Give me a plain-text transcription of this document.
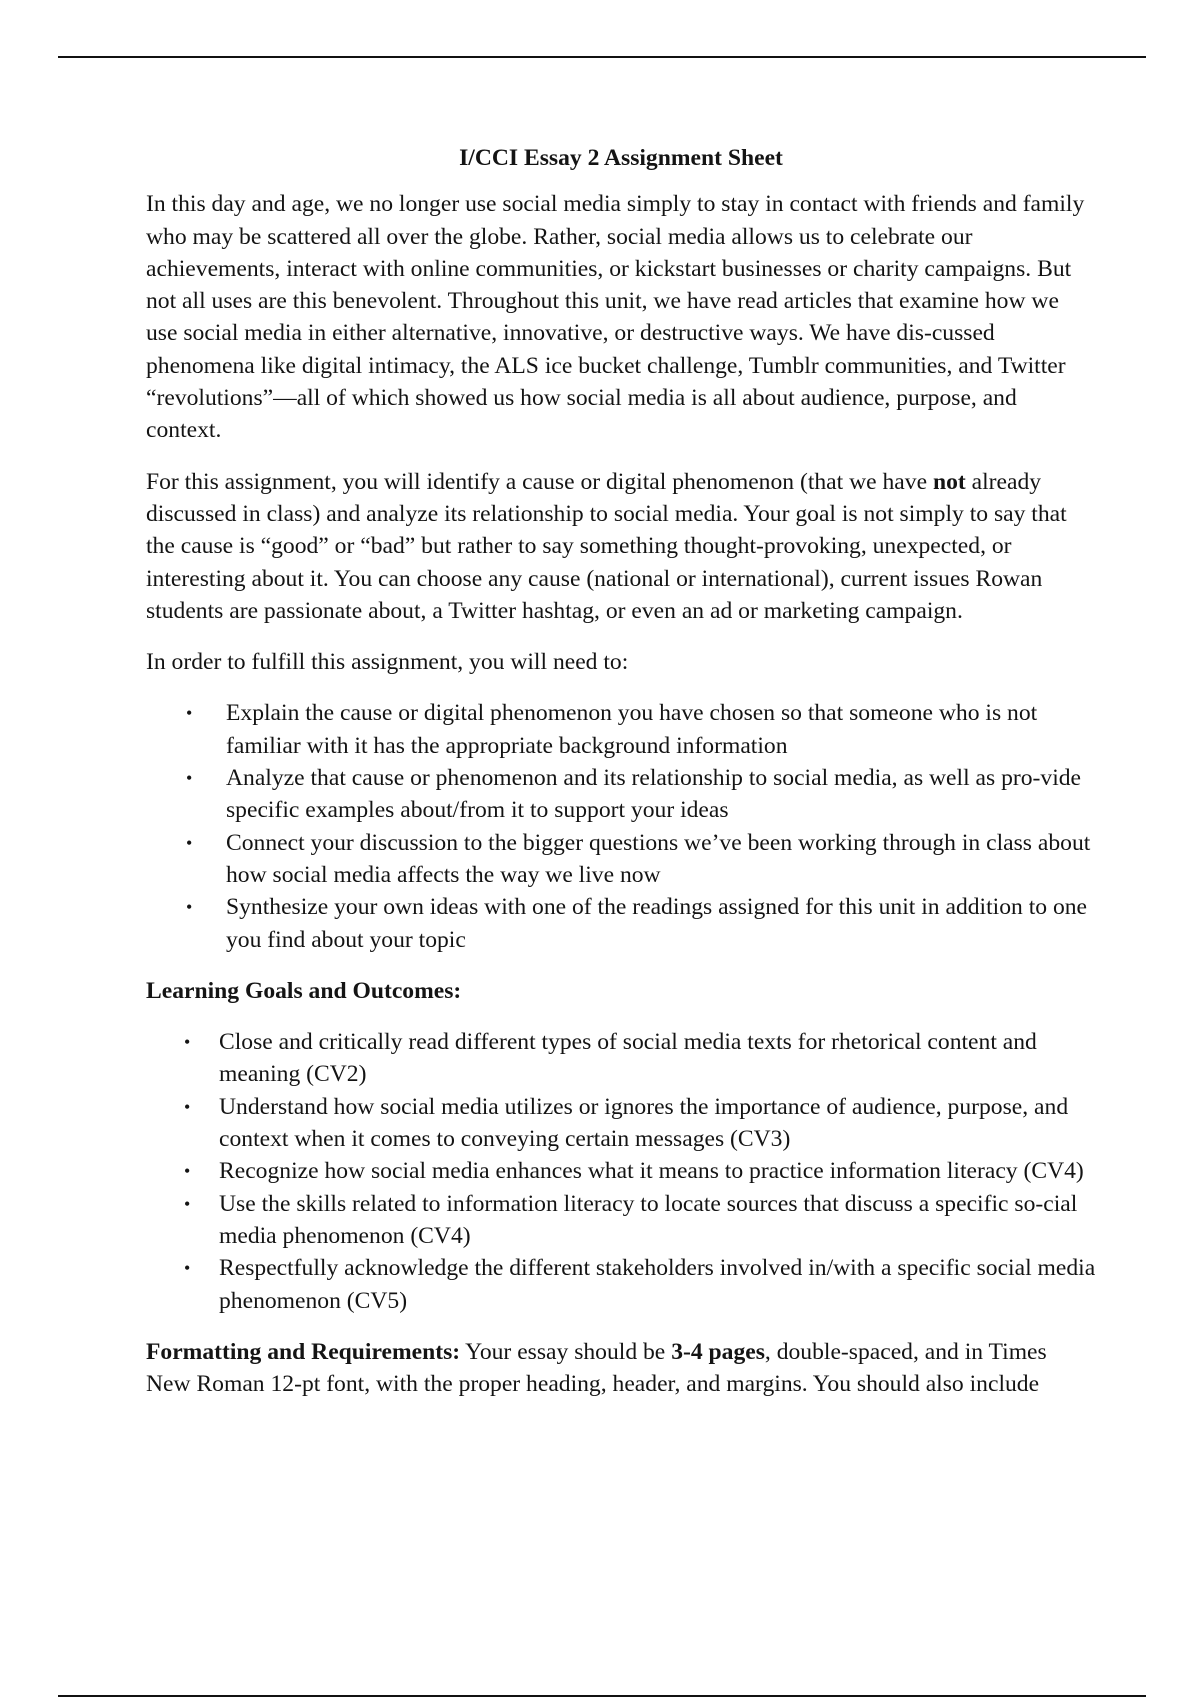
I/CCI Essay 2 Assignment Sheet

In this day and age, we no longer use social media simply to stay in contact with friends and family who may be scattered all over the globe. Rather, social media allows us to celebrate our achievements, interact with online communities, or kickstart businesses or charity campaigns. But not all uses are this benevolent. Throughout this unit, we have read articles that examine how we use social media in either alternative, innovative, or destructive ways. We have dis-cussed phenomena like digital intimacy, the ALS ice bucket challenge, Tumblr communities, and Twitter “revolutions”—all of which showed us how social media is all about audience, purpose, and context.

For this assignment, you will identify a cause or digital phenomenon (that we have not already discussed in class) and analyze its relationship to social media. Your goal is not simply to say that the cause is “good” or “bad” but rather to say something thought-provoking, unexpected, or interesting about it. You can choose any cause (national or international), current issues Rowan students are passionate about, a Twitter hashtag, or even an ad or marketing campaign.

In order to fulfill this assignment, you will need to:

• Explain the cause or digital phenomenon you have chosen so that someone who is not familiar with it has the appropriate background information
• Analyze that cause or phenomenon and its relationship to social media, as well as pro-vide specific examples about/from it to support your ideas
• Connect your discussion to the bigger questions we’ve been working through in class about how social media affects the way we live now
• Synthesize your own ideas with one of the readings assigned for this unit in addition to one you find about your topic
Learning Goals and Outcomes:
• Close and critically read different types of social media texts for rhetorical content and meaning (CV2)
• Understand how social media utilizes or ignores the importance of audience, purpose, and context when it comes to conveying certain messages (CV3)
• Recognize how social media enhances what it means to practice information literacy (CV4)
• Use the skills related to information literacy to locate sources that discuss a specific so-cial media phenomenon (CV4)
• Respectfully acknowledge the different stakeholders involved in/with a specific social media phenomenon (CV5)

Formatting and Requirements: Your essay should be 3-4 pages, double-spaced, and in Times New Roman 12-pt font, with the proper heading, header, and margins. You should also include
